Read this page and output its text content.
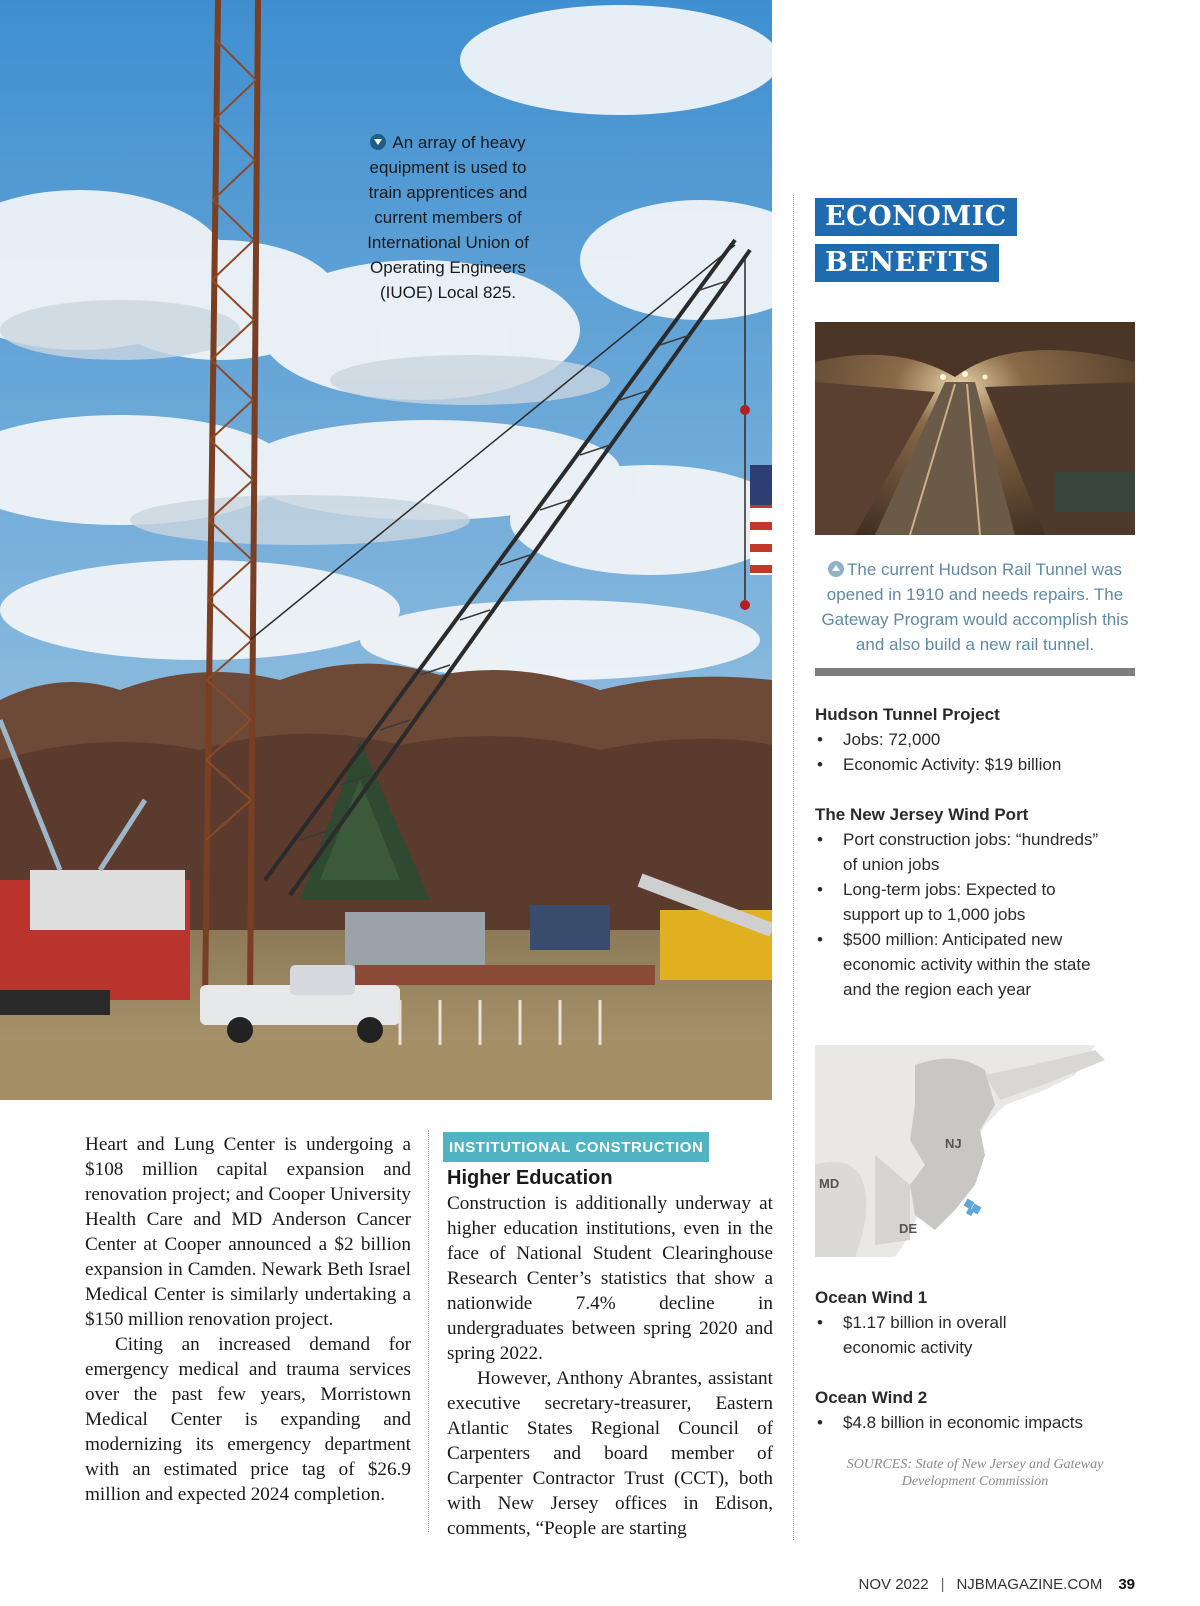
An array of heavy equipment is used to train apprentices and current members of International Union of Operating Engineers (IUOE) Local 825.

Heart and Lung Center is undergoing a $108 million capital expansion and renovation project; and Cooper University Health Care and MD Anderson Cancer Center at Cooper announced a $2 billion expansion in Camden. Newark Beth Israel Medical Center is similarly undertaking a $150 million renovation project.

Citing an increased demand for emergency medical and trauma services over the past few years, Morristown Medical Center is expanding and modernizing its emergency department with an estimated price tag of $26.9 million and expected 2024 completion.

INSTITUTIONAL CONSTRUCTION
Higher Education

Construction is additionally underway at higher education institutions, even in the face of National Student Clearinghouse Research Center’s statistics that show a nationwide 7.4% decline in undergraduates between spring 2020 and spring 2022.

However, Anthony Abrantes, assistant executive secretary-treasurer, Eastern Atlantic States Regional Council of Carpenters and board member of Carpenter Contractor Trust (CCT), both with New Jersey offices in Edison, comments, “People are starting

ECONOMIC
BENEFITS
The current Hudson Rail Tunnel was opened in 1910 and needs repairs. The Gateway Program would accomplish this and also build a new rail tunnel.
Hudson Tunnel Project
• Jobs: 72,000
• Economic Activity: $19 billion
The New Jersey Wind Port
• Port construction jobs: “hundreds” of union jobs
• Long-term jobs: Expected to support up to 1,000 jobs
• $500 million: Anticipated new economic activity within the state and the region each year
NJ
MD
DE
Ocean Wind 1
• $1.17 billion in overall economic activity
Ocean Wind 2
• $4.8 billion in economic impacts
SOURCES: State of New Jersey and Gateway Development Commission
NOV 2022 | NJBMAGAZINE.COM 39
